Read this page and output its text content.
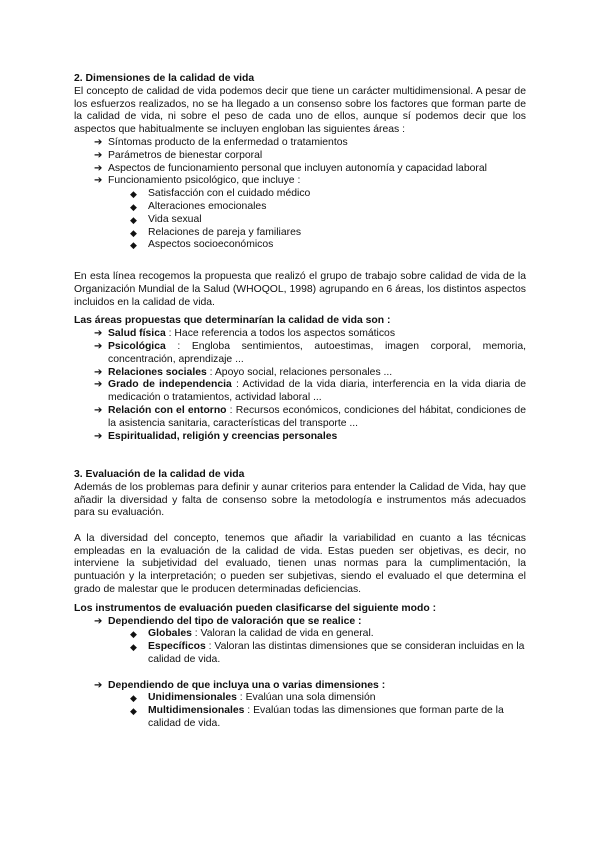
2. Dimensiones de la calidad de vida

El concepto de calidad de vida podemos decir que tiene un carácter multidimensional. A pesar de los esfuerzos realizados, no se ha llegado a un consenso sobre los factores que forman parte de la calidad de vida, ni sobre el peso de cada uno de ellos, aunque sí podemos decir que los aspectos que habitualmente se incluyen engloban las siguientes áreas :

➔ Síntomas producto de la enfermedad o tratamientos
➔ Parámetros de bienestar corporal
➔ Aspectos de funcionamiento personal que incluyen autonomía y capacidad laboral
➔ Funcionamiento psicológico, que incluye :
◆ Satisfacción con el cuidado médico
◆ Alteraciones emocionales
◆ Vida sexual
◆ Relaciones de pareja y familiares
◆ Aspectos socioeconómicos

En esta línea recogemos la propuesta que realizó el grupo de trabajo sobre calidad de vida de la Organización Mundial de la Salud (WHOQOL, 1998) agrupando en 6 áreas, los distintos aspectos incluidos en la calidad de vida.

Las áreas propuestas que determinarían la calidad de vida son :

➔ Salud física : Hace referencia a todos los aspectos somáticos
➔ Psicológica : Engloba sentimientos, autoestimas, imagen corporal, memoria, concentración, aprendizaje ...
➔ Relaciones sociales : Apoyo social, relaciones personales ...
➔ Grado de independencia : Actividad de la vida diaria, interferencia en la vida diaria de medicación o tratamientos, actividad laboral ...
➔ Relación con el entorno : Recursos económicos, condiciones del hábitat, condiciones de la asistencia sanitaria, características del transporte ...
➔ Espiritualidad, religión y creencias personales
3. Evaluación de la calidad de vida

Además de los problemas para definir y aunar criterios para entender la Calidad de Vida, hay que añadir la diversidad y falta de consenso sobre la metodología e instrumentos más adecuados para su evaluación.

A la diversidad del concepto, tenemos que añadir la variabilidad en cuanto a las técnicas empleadas en la evaluación de la calidad de vida. Estas pueden ser objetivas, es decir, no interviene la subjetividad del evaluado, tienen unas normas para la cumplimentación, la puntuación y la interpretación; o pueden ser subjetivas, siendo el evaluado el que determina el grado de malestar que le producen determinadas deficiencias.

Los instrumentos de evaluación pueden clasificarse del siguiente modo :

➔ Dependiendo del tipo de valoración que se realice :
◆ Globales : Valoran la calidad de vida en general.
◆ Específicos : Valoran las distintas dimensiones que se consideran incluidas en la calidad de vida.
➔ Dependiendo de que incluya una o varias dimensiones :
◆ Unidimensionales : Evalúan una sola dimensión
◆ Multidimensionales : Evalúan todas las dimensiones que forman parte de la calidad de vida.
